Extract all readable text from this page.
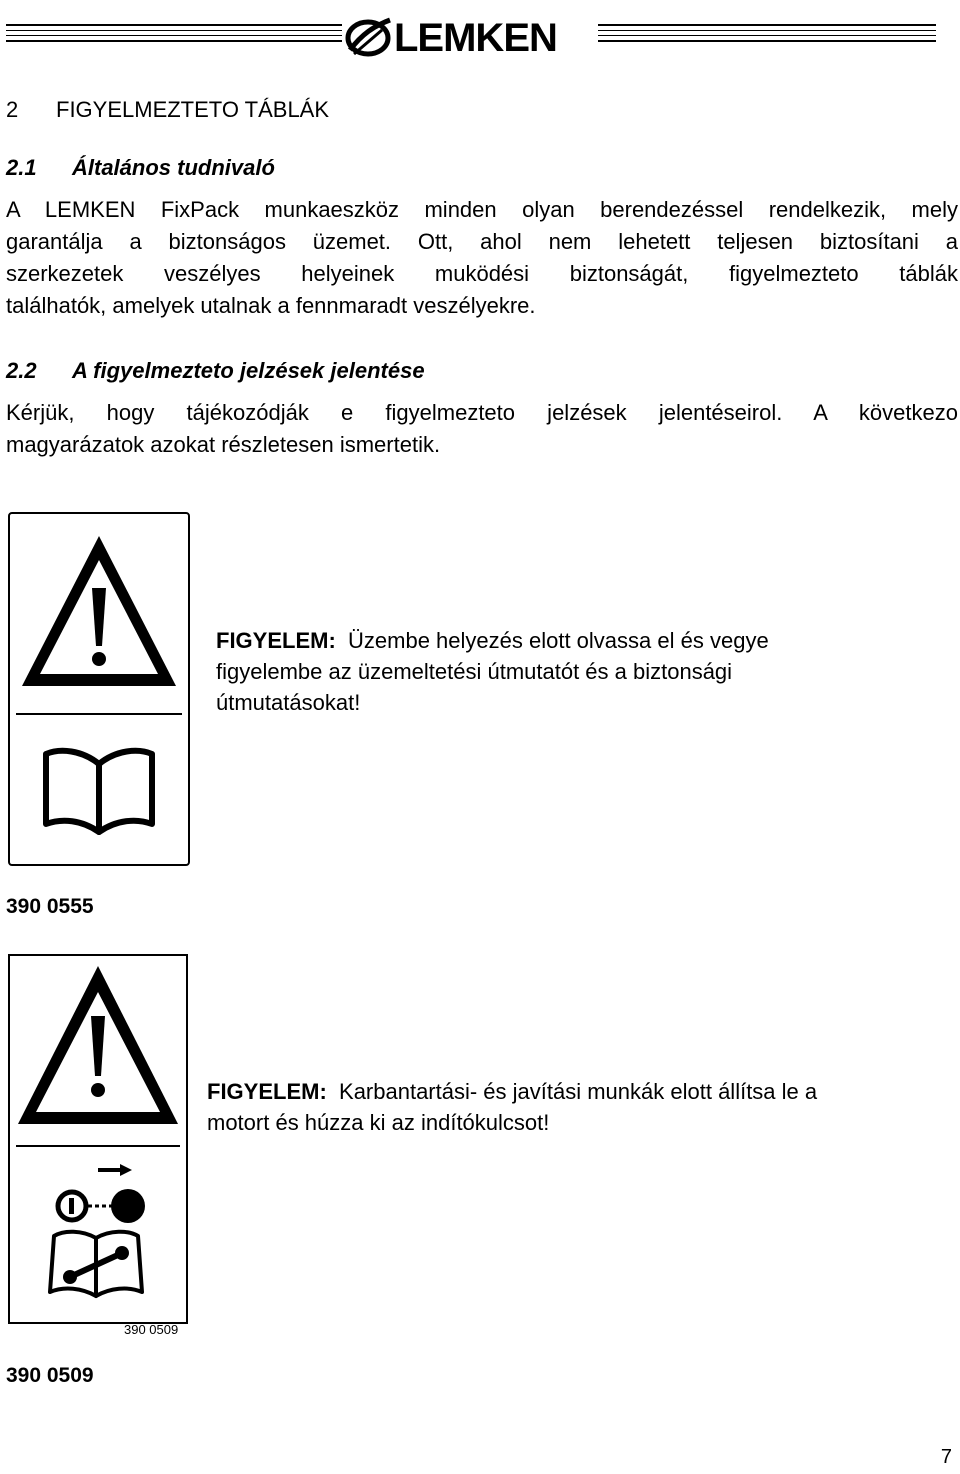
LEMKEN
2 FIGYELMEZTETO TÁBLÁK
2.1 Általános tudnivaló
A LEMKEN FixPack munkaeszköz minden olyan berendezéssel rendelkezik, mely
garantálja a biztonságos üzemet. Ott, ahol nem lehetett teljesen biztosítani a
szerkezetek veszélyes helyeinek muködési biztonságát, figyelmezteto táblák
találhatók, amelyek utalnak a fennmaradt veszélyekre.
2.2 A figyelmezteto jelzések jelentése
Kérjük, hogy tájékozódják e figyelmezteto jelzések jelentéseirol. A következo
magyarázatok azokat részletesen ismertetik.
FIGYELEM: Üzembe helyezés elott olvassa el és vegye
figyelembe az üzemeltetési útmutatót és a biztonsági
útmutatásokat!
390 0555
390 0509
FIGYELEM: Karbantartási- és javítási munkák elott állítsa le a
motort és húzza ki az indítókulcsot!
390 0509
7
